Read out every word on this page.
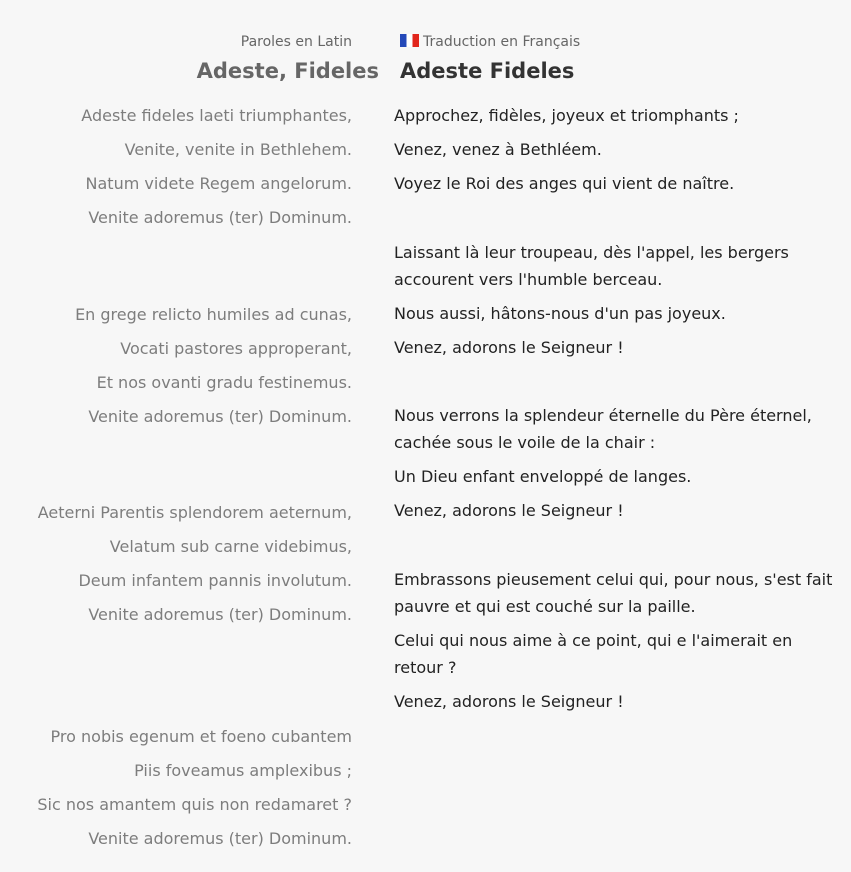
Paroles en Latin
Adeste, Fideles
Adeste fideles laeti triumphantes,
Venite, venite in Bethlehem.
Natum videte Regem angelorum.
Venite adoremus (ter) Dominum.
En grege relicto humiles ad cunas,
Vocati pastores approperant,
Et nos ovanti gradu festinemus.
Venite adoremus (ter) Dominum.
Aeterni Parentis splendorem aeternum,
Velatum sub carne videbimus,
Deum infantem pannis involutum.
Venite adoremus (ter) Dominum.
Pro nobis egenum et foeno cubantem
Piis foveamus amplexibus ;
Sic nos amantem quis non redamaret ?
Venite adoremus (ter) Dominum.
Traduction en Français
Adeste Fideles
Approchez, fidèles, joyeux et triomphants ;
Venez, venez à Bethléem.
Voyez le Roi des anges qui vient de naître.
Laissant là leur troupeau, dès l'appel, les bergers accourent vers l'humble berceau.
Nous aussi, hâtons-nous d'un pas joyeux.
Venez, adorons le Seigneur !
Nous verrons la splendeur éternelle du Père éternel, cachée sous le voile de la chair :
Un Dieu enfant enveloppé de langes.
Venez, adorons le Seigneur !
Embrassons pieusement celui qui, pour nous, s'est fait pauvre et qui est couché sur la paille.
Celui qui nous aime à ce point, qui e l'aimerait en retour ?
Venez, adorons le Seigneur !
